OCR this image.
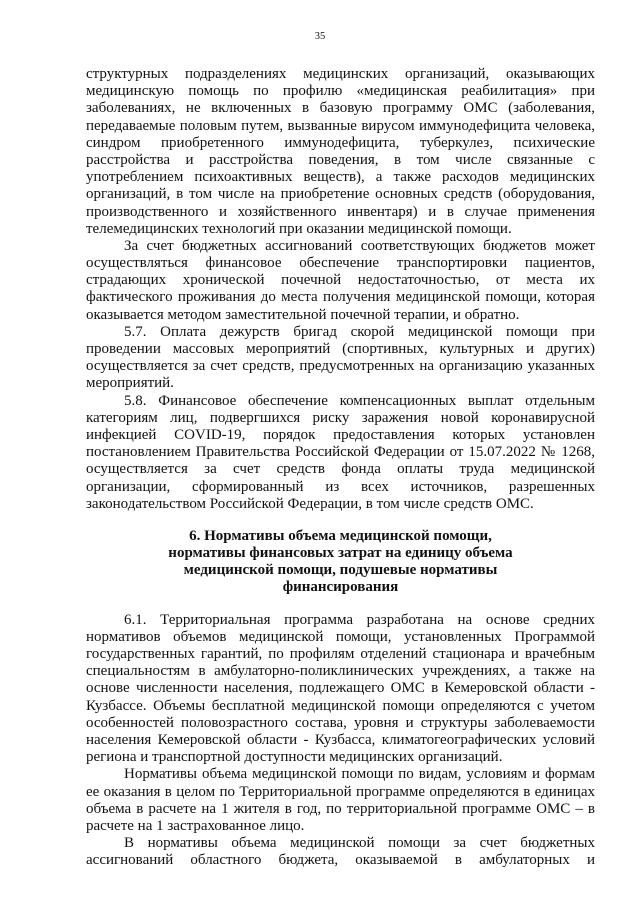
35
структурных подразделениях медицинских организаций, оказывающих
медицинскую помощь по профилю «медицинская реабилитация» при
заболеваниях, не включенных в базовую программу ОМС (заболевания,
передаваемые половым путем, вызванные вирусом иммунодефицита человека,
синдром приобретенного иммунодефицита, туберкулез, психические
расстройства и расстройства поведения, в том числе связанные с
употреблением психоактивных веществ), а также расходов медицинских
организаций, в том числе на приобретение основных средств (оборудования,
производственного и хозяйственного инвентаря) и в случае применения
телемедицинских технологий при оказании медицинской помощи.
За счет бюджетных ассигнований соответствующих бюджетов может
осуществляться финансовое обеспечение транспортировки пациентов,
страдающих хронической почечной недостаточностью, от места их
фактического проживания до места получения медицинской помощи, которая
оказывается методом заместительной почечной терапии, и обратно.
5.7. Оплата дежурств бригад скорой медицинской помощи при
проведении массовых мероприятий (спортивных, культурных и других)
осуществляется за счет средств, предусмотренных на организацию указанных
мероприятий.
5.8. Финансовое обеспечение компенсационных выплат отдельным
категориям лиц, подвергшихся риску заражения новой коронавирусной
инфекцией COVID-19, порядок предоставления которых установлен
постановлением Правительства Российской Федерации от 15.07.2022 № 1268,
осуществляется за счет средств фонда оплаты труда медицинской
организации, сформированный из всех источников, разрешенных
законодательством Российской Федерации, в том числе средств ОМС.
6. Нормативы объема медицинской помощи,
нормативы финансовых затрат на единицу объема
медицинской помощи, подушевые нормативы
финансирования
6.1. Территориальная программа разработана на основе средних
нормативов объемов медицинской помощи, установленных Программой
государственных гарантий, по профилям отделений стационара и врачебным
специальностям в амбулаторно-поликлинических учреждениях, а также на
основе численности населения, подлежащего ОМС в Кемеровской области -
Кузбассе. Объемы бесплатной медицинской помощи определяются с учетом
особенностей половозрастного состава, уровня и структуры заболеваемости
населения Кемеровской области - Кузбасса, климатогеографических условий
региона и транспортной доступности медицинских организаций.
Нормативы объема медицинской помощи по видам, условиям и формам
ее оказания в целом по Территориальной программе определяются в единицах
объема в расчете на 1 жителя в год, по территориальной программе ОМС – в
расчете на 1 застрахованное лицо.
В нормативы объема медицинской помощи за счет бюджетных
ассигнований областного бюджета, оказываемой в амбулаторных и
